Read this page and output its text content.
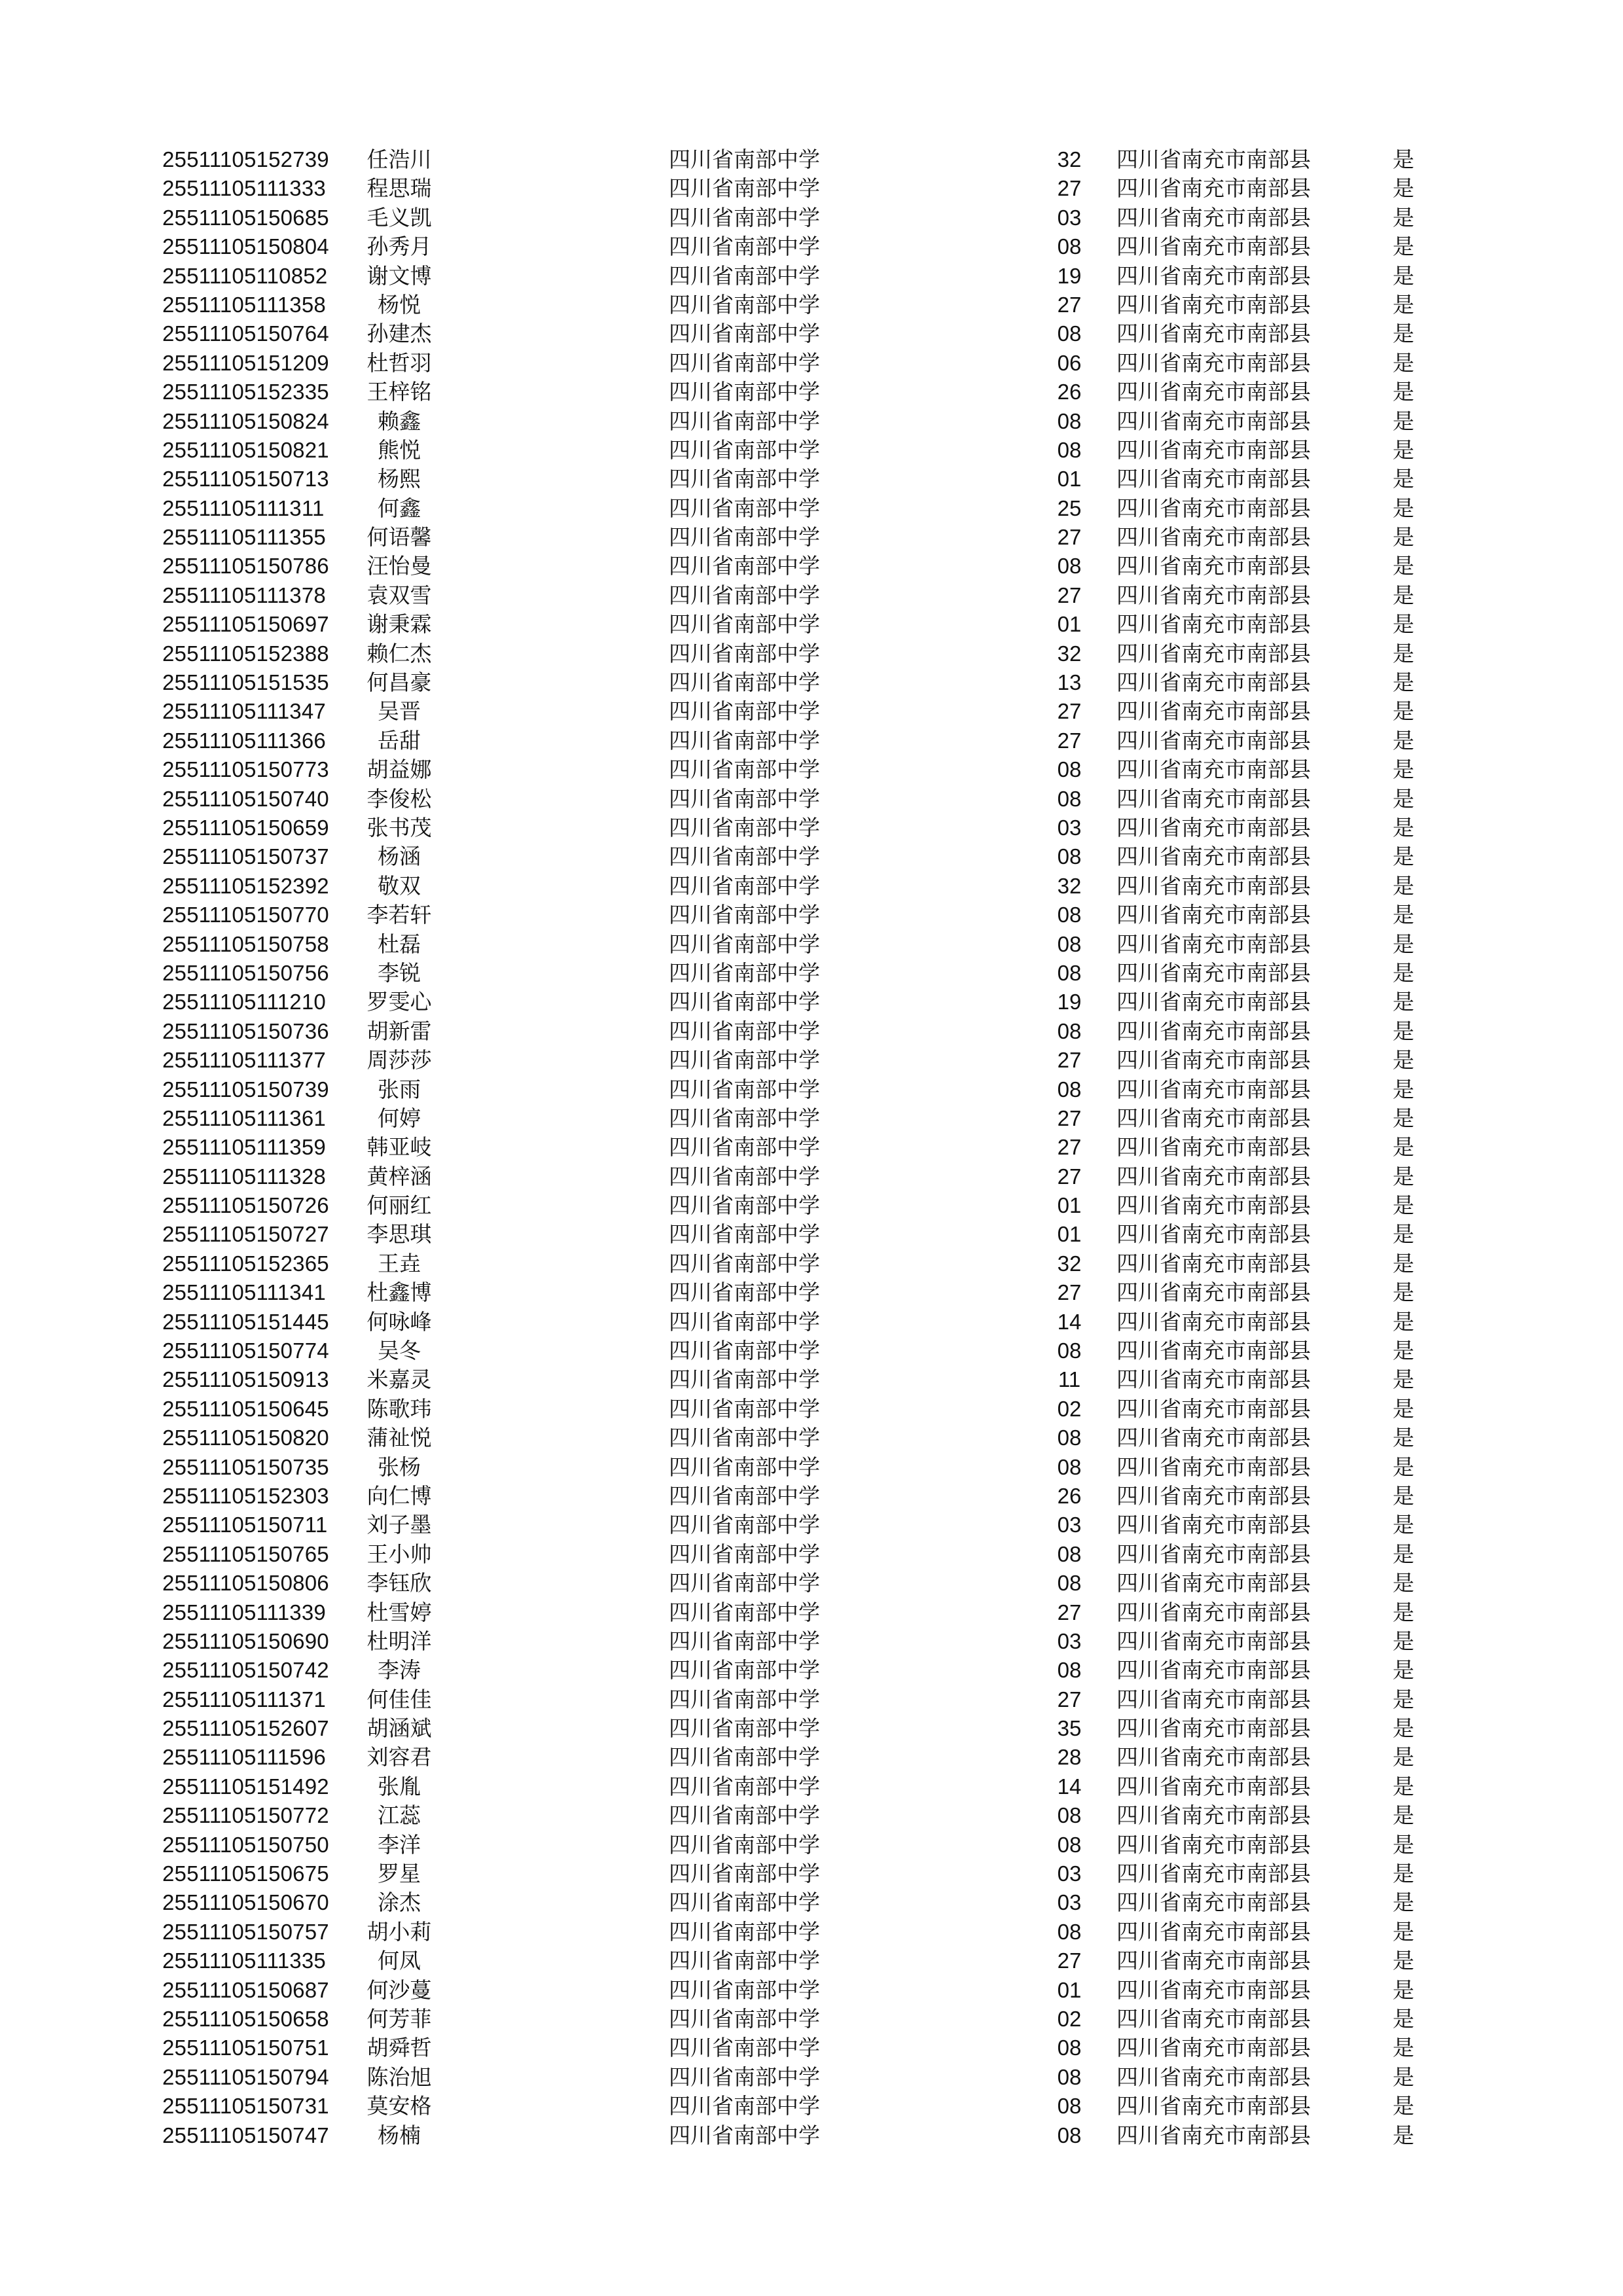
25511105152739	任浩川	四川省南部中学	32	四川省南充市南部县	是
25511105111333	程思瑞	四川省南部中学	27	四川省南充市南部县	是
25511105150685	毛义凯	四川省南部中学	03	四川省南充市南部县	是
25511105150804	孙秀月	四川省南部中学	08	四川省南充市南部县	是
25511105110852	谢文博	四川省南部中学	19	四川省南充市南部县	是
25511105111358	杨悦	四川省南部中学	27	四川省南充市南部县	是
25511105150764	孙建杰	四川省南部中学	08	四川省南充市南部县	是
25511105151209	杜哲羽	四川省南部中学	06	四川省南充市南部县	是
25511105152335	王梓铭	四川省南部中学	26	四川省南充市南部县	是
25511105150824	赖鑫	四川省南部中学	08	四川省南充市南部县	是
25511105150821	熊悦	四川省南部中学	08	四川省南充市南部县	是
25511105150713	杨熙	四川省南部中学	01	四川省南充市南部县	是
25511105111311	何鑫	四川省南部中学	25	四川省南充市南部县	是
25511105111355	何语馨	四川省南部中学	27	四川省南充市南部县	是
25511105150786	汪怡曼	四川省南部中学	08	四川省南充市南部县	是
25511105111378	袁双雪	四川省南部中学	27	四川省南充市南部县	是
25511105150697	谢秉霖	四川省南部中学	01	四川省南充市南部县	是
25511105152388	赖仁杰	四川省南部中学	32	四川省南充市南部县	是
25511105151535	何昌豪	四川省南部中学	13	四川省南充市南部县	是
25511105111347	吴晋	四川省南部中学	27	四川省南充市南部县	是
25511105111366	岳甜	四川省南部中学	27	四川省南充市南部县	是
25511105150773	胡益娜	四川省南部中学	08	四川省南充市南部县	是
25511105150740	李俊松	四川省南部中学	08	四川省南充市南部县	是
25511105150659	张书茂	四川省南部中学	03	四川省南充市南部县	是
25511105150737	杨涵	四川省南部中学	08	四川省南充市南部县	是
25511105152392	敬双	四川省南部中学	32	四川省南充市南部县	是
25511105150770	李若轩	四川省南部中学	08	四川省南充市南部县	是
25511105150758	杜磊	四川省南部中学	08	四川省南充市南部县	是
25511105150756	李锐	四川省南部中学	08	四川省南充市南部县	是
25511105111210	罗雯心	四川省南部中学	19	四川省南充市南部县	是
25511105150736	胡新雷	四川省南部中学	08	四川省南充市南部县	是
25511105111377	周莎莎	四川省南部中学	27	四川省南充市南部县	是
25511105150739	张雨	四川省南部中学	08	四川省南充市南部县	是
25511105111361	何婷	四川省南部中学	27	四川省南充市南部县	是
25511105111359	韩亚岐	四川省南部中学	27	四川省南充市南部县	是
25511105111328	黄梓涵	四川省南部中学	27	四川省南充市南部县	是
25511105150726	何丽红	四川省南部中学	01	四川省南充市南部县	是
25511105150727	李思琪	四川省南部中学	01	四川省南充市南部县	是
25511105152365	王垚	四川省南部中学	32	四川省南充市南部县	是
25511105111341	杜鑫博	四川省南部中学	27	四川省南充市南部县	是
25511105151445	何咏峰	四川省南部中学	14	四川省南充市南部县	是
25511105150774	吴冬	四川省南部中学	08	四川省南充市南部县	是
25511105150913	米嘉灵	四川省南部中学	11	四川省南充市南部县	是
25511105150645	陈歌玮	四川省南部中学	02	四川省南充市南部县	是
25511105150820	蒲祉悦	四川省南部中学	08	四川省南充市南部县	是
25511105150735	张杨	四川省南部中学	08	四川省南充市南部县	是
25511105152303	向仁博	四川省南部中学	26	四川省南充市南部县	是
25511105150711	刘子墨	四川省南部中学	03	四川省南充市南部县	是
25511105150765	王小帅	四川省南部中学	08	四川省南充市南部县	是
25511105150806	李钰欣	四川省南部中学	08	四川省南充市南部县	是
25511105111339	杜雪婷	四川省南部中学	27	四川省南充市南部县	是
25511105150690	杜明洋	四川省南部中学	03	四川省南充市南部县	是
25511105150742	李涛	四川省南部中学	08	四川省南充市南部县	是
25511105111371	何佳佳	四川省南部中学	27	四川省南充市南部县	是
25511105152607	胡涵斌	四川省南部中学	35	四川省南充市南部县	是
25511105111596	刘容君	四川省南部中学	28	四川省南充市南部县	是
25511105151492	张胤	四川省南部中学	14	四川省南充市南部县	是
25511105150772	江蕊	四川省南部中学	08	四川省南充市南部县	是
25511105150750	李洋	四川省南部中学	08	四川省南充市南部县	是
25511105150675	罗星	四川省南部中学	03	四川省南充市南部县	是
25511105150670	涂杰	四川省南部中学	03	四川省南充市南部县	是
25511105150757	胡小莉	四川省南部中学	08	四川省南充市南部县	是
25511105111335	何凤	四川省南部中学	27	四川省南充市南部县	是
25511105150687	何沙蔓	四川省南部中学	01	四川省南充市南部县	是
25511105150658	何芳菲	四川省南部中学	02	四川省南充市南部县	是
25511105150751	胡舜哲	四川省南部中学	08	四川省南充市南部县	是
25511105150794	陈治旭	四川省南部中学	08	四川省南充市南部县	是
25511105150731	莫安格	四川省南部中学	08	四川省南充市南部县	是
25511105150747	杨楠	四川省南部中学	08	四川省南充市南部县	是
